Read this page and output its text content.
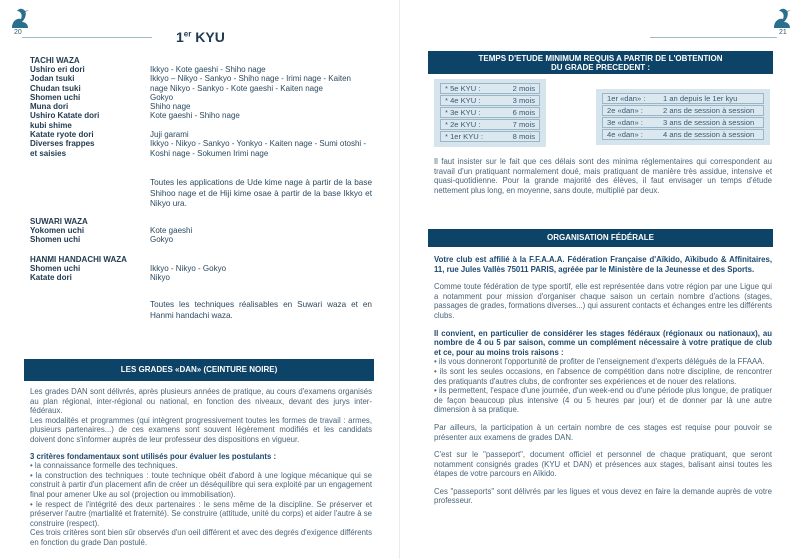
20	1er KYU
TACHI WAZA
Ushiro eri dori	Ikkyo - Kote gaeshi - Shiho nage
Jodan tsuki	Ikkyo – Nikyo - Sankyo - Shiho nage - Irimi nage - Kaiten
Chudan tsuki	nage Nikyo - Sankyo - Kote gaeshi - Kaiten nage
Shomen uchi	Gokyo
Muna dori	Shiho nage
Ushiro Katate dori	Kote gaeshi - Shiho nage
kubi shime
Katate ryote dori	Juji garami
Diverses frappes	Ikkyo - Nikyo - Sankyo - Yonkyo - Kaiten nage - Sumi otoshi -
et saisies	Koshi nage - Sokumen Irimi nage
Toutes les applications de Ude kime nage à partir de la base Shihoo nage et de Hiji kime osae à partir de la base Ikkyo et Nikyo ura.
SUWARI WAZA
Yokomen uchi	Kote gaeshi
Shomen uchi	Gokyo
HANMI HANDACHI WAZA
Shomen uchi	Ikkyo - Nikyo - Gokyo
Katate dori	Nikyo
Toutes les techniques réalisables en Suwari waza et en Hanmi handachi waza.
LES GRADES «DAN» (CEINTURE NOIRE)
Les grades DAN sont délivrés, après plusieurs années de pratique, au cours d'examens organisés au plan régional, inter-régional ou national, en fonction des niveaux, devant des jurys inter-fédéraux.
Les modalités et programmes (qui intègrent progressivement toutes les formes de travail : armes, plusieurs partenaires...) de ces examens sont souvent légèrement modifiés et les candidats doivent donc s'informer auprès de leur professeur des dispositions en vigueur.
3 critères fondamentaux sont utilisés pour évaluer les postulants :
• la connaissance formelle des techniques.
• la construction des techniques : toute technique obéit d'abord à une logique mécanique qui se construit à partir d'un placement afin de créer un déséquilibre qui sera exploité par un engagement final pour amener Uke au sol (projection ou immobilisation).
• le respect de l'intégrité des deux partenaires : le sens même de la discipline. Se préserver et préserver l'autre (martialité et fraternité). Se construire (attitude, unité du corps) et aider l'autre à se construire (respect).
Ces trois critères sont bien sûr observés d'un oeil différent et avec des degrés d'exigence différents en fonction du grade Dan postulé.
21
TEMPS D'ETUDE MINIMUM REQUIS A PARTIR DE L'OBTENTION
DU GRADE PRECEDENT :
* 5e KYU :	2 mois
* 4e KYU :	3 mois
* 3e KYU :	6 mois
* 2e KYU :	7 mois
* 1er KYU :	8 mois
1er «dan» :	1 an depuis le 1er kyu
2e «dan» :	2 ans de session à session
3e «dan» :	3 ans de session à session
4e «dan» :	4 ans de session à session
Il faut insister sur le fait que ces délais sont des minima réglementaires qui correspondent au travail d'un pratiquant normalement doué, mais pratiquant de manière très assidue, intensive et quasi-quotidienne. Pour la grande majorité des élèves, il faut envisager un temps d'étude nettement plus long, en moyenne, sans doute, multiplié par deux.
ORGANISATION FÉDÉRALE
Votre club est affilié à la F.F.A.A.A. Fédération Française d'Aïkido, Aïkibudo & Affinitaires, 11, rue Jules Vallès 75011 PARIS, agréée par le Ministère de la Jeunesse et des Sports.
Comme toute fédération de type sportif, elle est représentée dans votre région par une Ligue qui a notamment pour mission d'organiser chaque saison un certain nombre d'actions (stages, passages de grades, formations diverses...) qui assurent contacts et échanges entre les différents clubs.
Il convient, en particulier de considérer les stages fédéraux (régionaux ou nationaux), au nombre de 4 ou 5 par saison, comme un complément nécessaire à votre pratique de club et ce, pour au moins trois raisons :
• ils vous donneront l'opportunité de profiter de l'enseignement d'experts délégués de la FFAAA.
• ils sont les seules occasions, en l'absence de compétition dans notre discipline, de rencontrer des pratiquants d'autres clubs, de confronter ses expériences et de nouer des relations.
• ils permettent, l'espace d'une journée, d'un week-end ou d'une période plus longue, de pratiquer de façon beaucoup plus intensive (4 ou 5 heures par jour) et de donner par là une autre dimension à sa pratique.
Par ailleurs, la participation à un certain nombre de ces stages est requise pour pouvoir se présenter aux examens de grades DAN.
C'est sur le "passeport", document officiel et personnel de chaque pratiquant, que seront notamment consignés grades (KYU et DAN) et présences aux stages, balisant ainsi toutes les étapes de votre parcours en Aïkido.
Ces "passeports" sont délivrés par les ligues et vous devez en faire la demande auprès de votre professeur.
